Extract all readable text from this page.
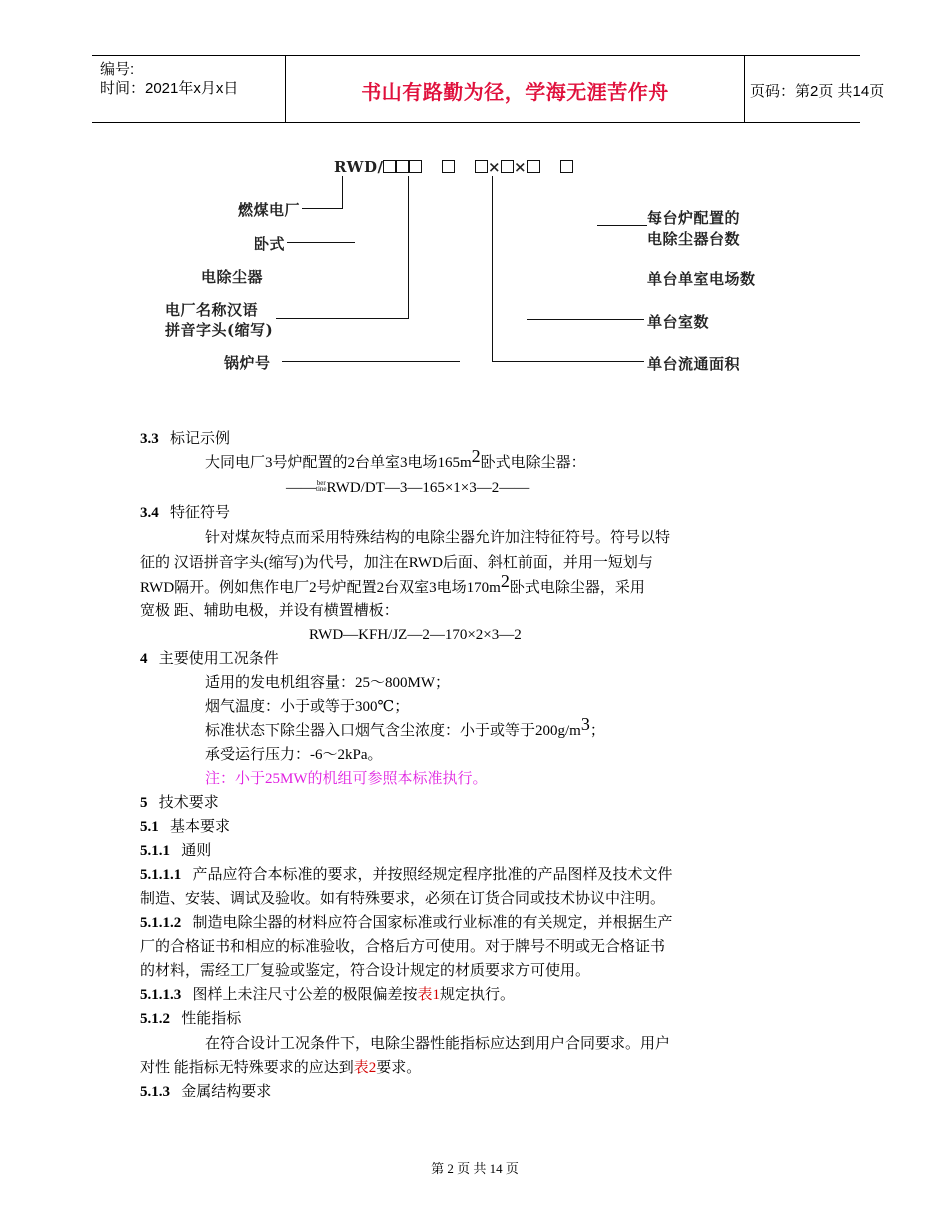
编号:
时间：2021年x月x日	书山有路勤为径，学海无涯苦作舟	页码：第2页 共14页
RWD/	× ×
燃煤电厂
卧式
电除尘器
电厂名称汉语
拼音字头(缩写)
锅炉号
每台炉配置的
电除尘器台数
单台单室电场数
单台室数
单台流通面积
3.3 标记示例
大同电厂3号炉配置的2台单室3电场$165m^2$卧式电除尘器：
——ber
tineRWD/DT—3—165×1×3—2——
3.4 特征符号
针对煤灰特点而采用特殊结构的电除尘器允许加注特征符号。符号以特
征的 汉语拼音字头(缩写)为代号，加注在RWD后面、斜杠前面，并用一短划与
RWD隔开。例如焦作电厂2号炉配置2台双室3电场$170m^2$卧式电除尘器，采用
宽极 距、辅助电极，并设有横置槽板：
RWD—KFH/JZ—2—170×2×3—2
4 主要使用工况条件
适用的发电机组容量：25～800MW；
烟气温度：小于或等于300℃；
标准状态下除尘器入口烟气含尘浓度：小于或等于$200g/m^3$；
承受运行压力：-6～2kPa。
注：小于25MW的机组可参照本标准执行。
5 技术要求
5.1 基本要求
5.1.1 通则
5.1.1.1 产品应符合本标准的要求，并按照经规定程序批准的产品图样及技术文件
制造、安装、调试及验收。如有特殊要求，必须在订货合同或技术协议中注明。
5.1.1.2 制造电除尘器的材料应符合国家标准或行业标准的有关规定，并根据生产
厂的合格证书和相应的标准验收，合格后方可使用。对于牌号不明或无合格证书
的材料，需经工厂复验或鉴定，符合设计规定的材质要求方可使用。
5.1.1.3 图样上未注尺寸公差的极限偏差按表1规定执行。
5.1.2 性能指标
在符合设计工况条件下，电除尘器性能指标应达到用户合同要求。用户
对性 能指标无特殊要求的应达到表2要求。
5.1.3 金属结构要求
第 2 页 共 14 页
